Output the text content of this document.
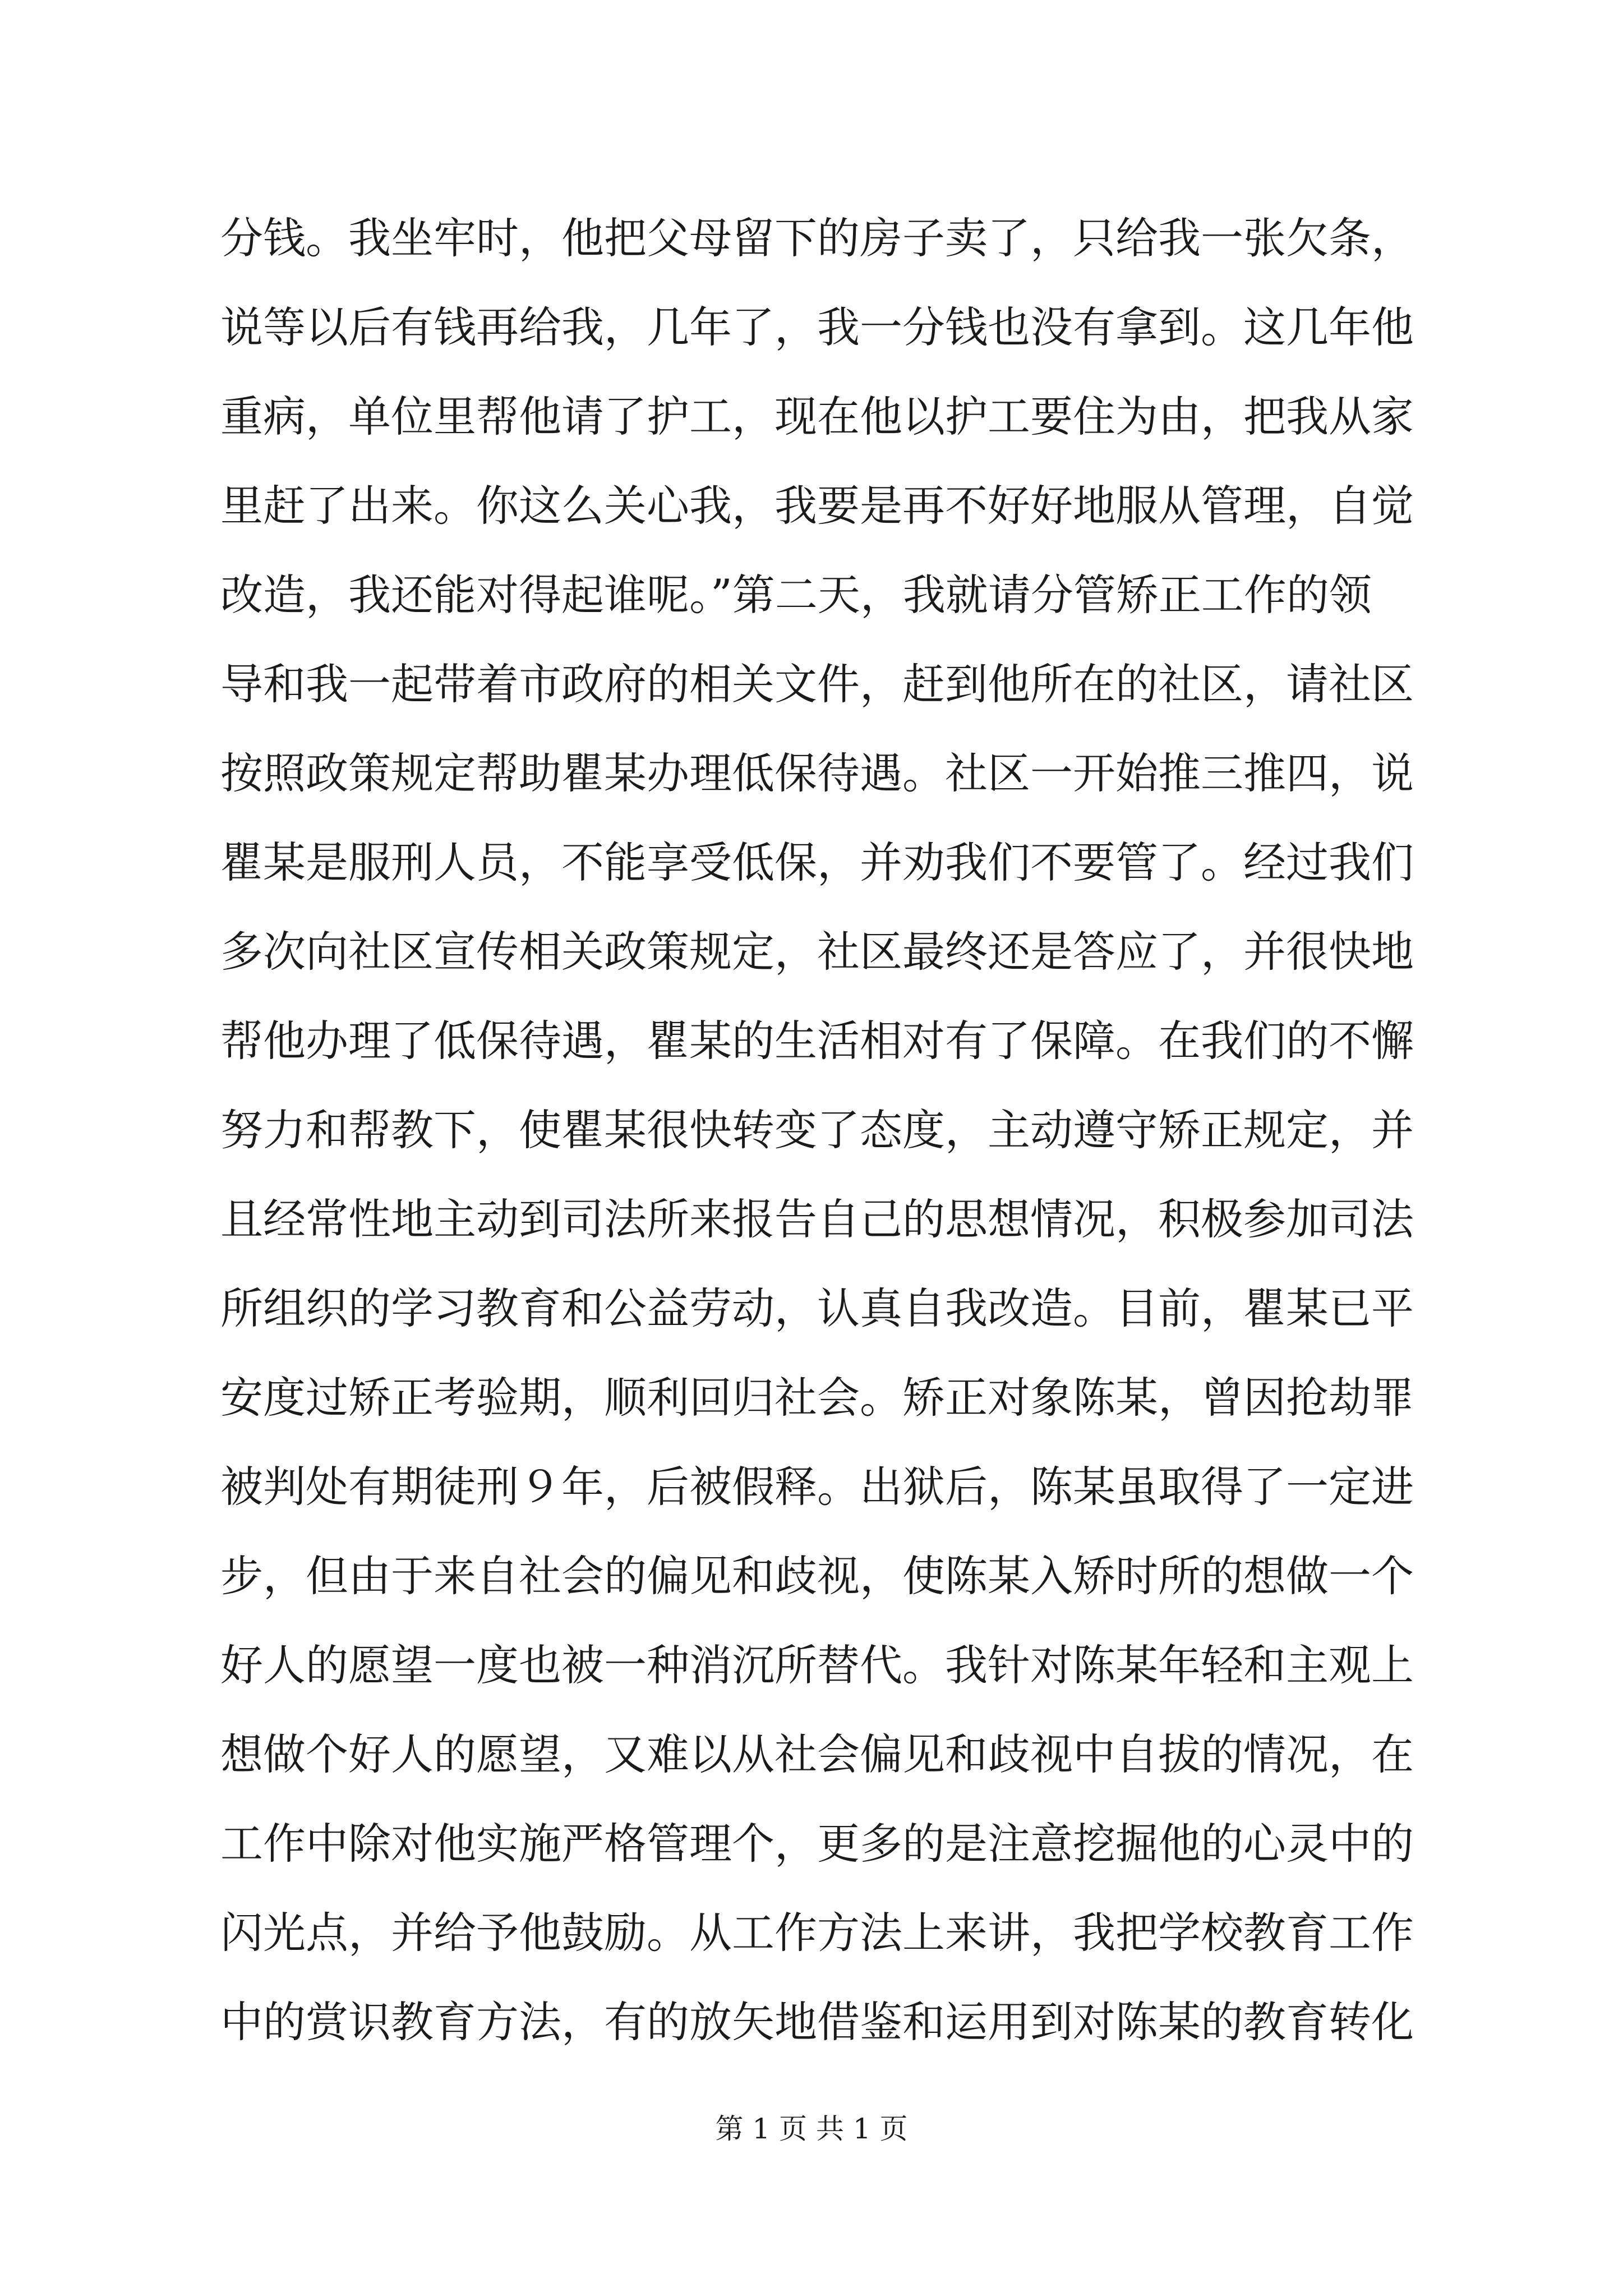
分钱。我坐牢时，他把父母留下的房子卖了，只给我一张欠条，
说等以后有钱再给我，几年了，我一分钱也没有拿到。这几年他
重病，单位里帮他请了护工，现在他以护工要住为由，把我从家
里赶了出来。你这么关心我，我要是再不好好地服从管理，自觉
改造，我还能对得起谁呢。”第二天，我就请分管矫正工作的领
导和我一起带着市政府的相关文件，赶到他所在的社区，请社区
按照政策规定帮助瞿某办理低保待遇。社区一开始推三推四，说
瞿某是服刑人员，不能享受低保，并劝我们不要管了。经过我们
多次向社区宣传相关政策规定，社区最终还是答应了，并很快地
帮他办理了低保待遇，瞿某的生活相对有了保障。在我们的不懈
努力和帮教下，使瞿某很快转变了态度，主动遵守矫正规定，并
且经常性地主动到司法所来报告自己的思想情况，积极参加司法
所组织的学习教育和公益劳动，认真自我改造。目前，瞿某已平
安度过矫正考验期，顺利回归社会。矫正对象陈某，曾因抢劫罪
被判处有期徒刑９年，后被假释。出狱后，陈某虽取得了一定进
步，但由于来自社会的偏见和歧视，使陈某入矫时所的想做一个
好人的愿望一度也被一种消沉所替代。我针对陈某年轻和主观上
想做个好人的愿望，又难以从社会偏见和歧视中自拔的情况，在
工作中除对他实施严格管理个，更多的是注意挖掘他的心灵中的
闪光点，并给予他鼓励。从工作方法上来讲，我把学校教育工作
中的赏识教育方法，有的放矢地借鉴和运用到对陈某的教育转化
第 1 页 共 1 页
